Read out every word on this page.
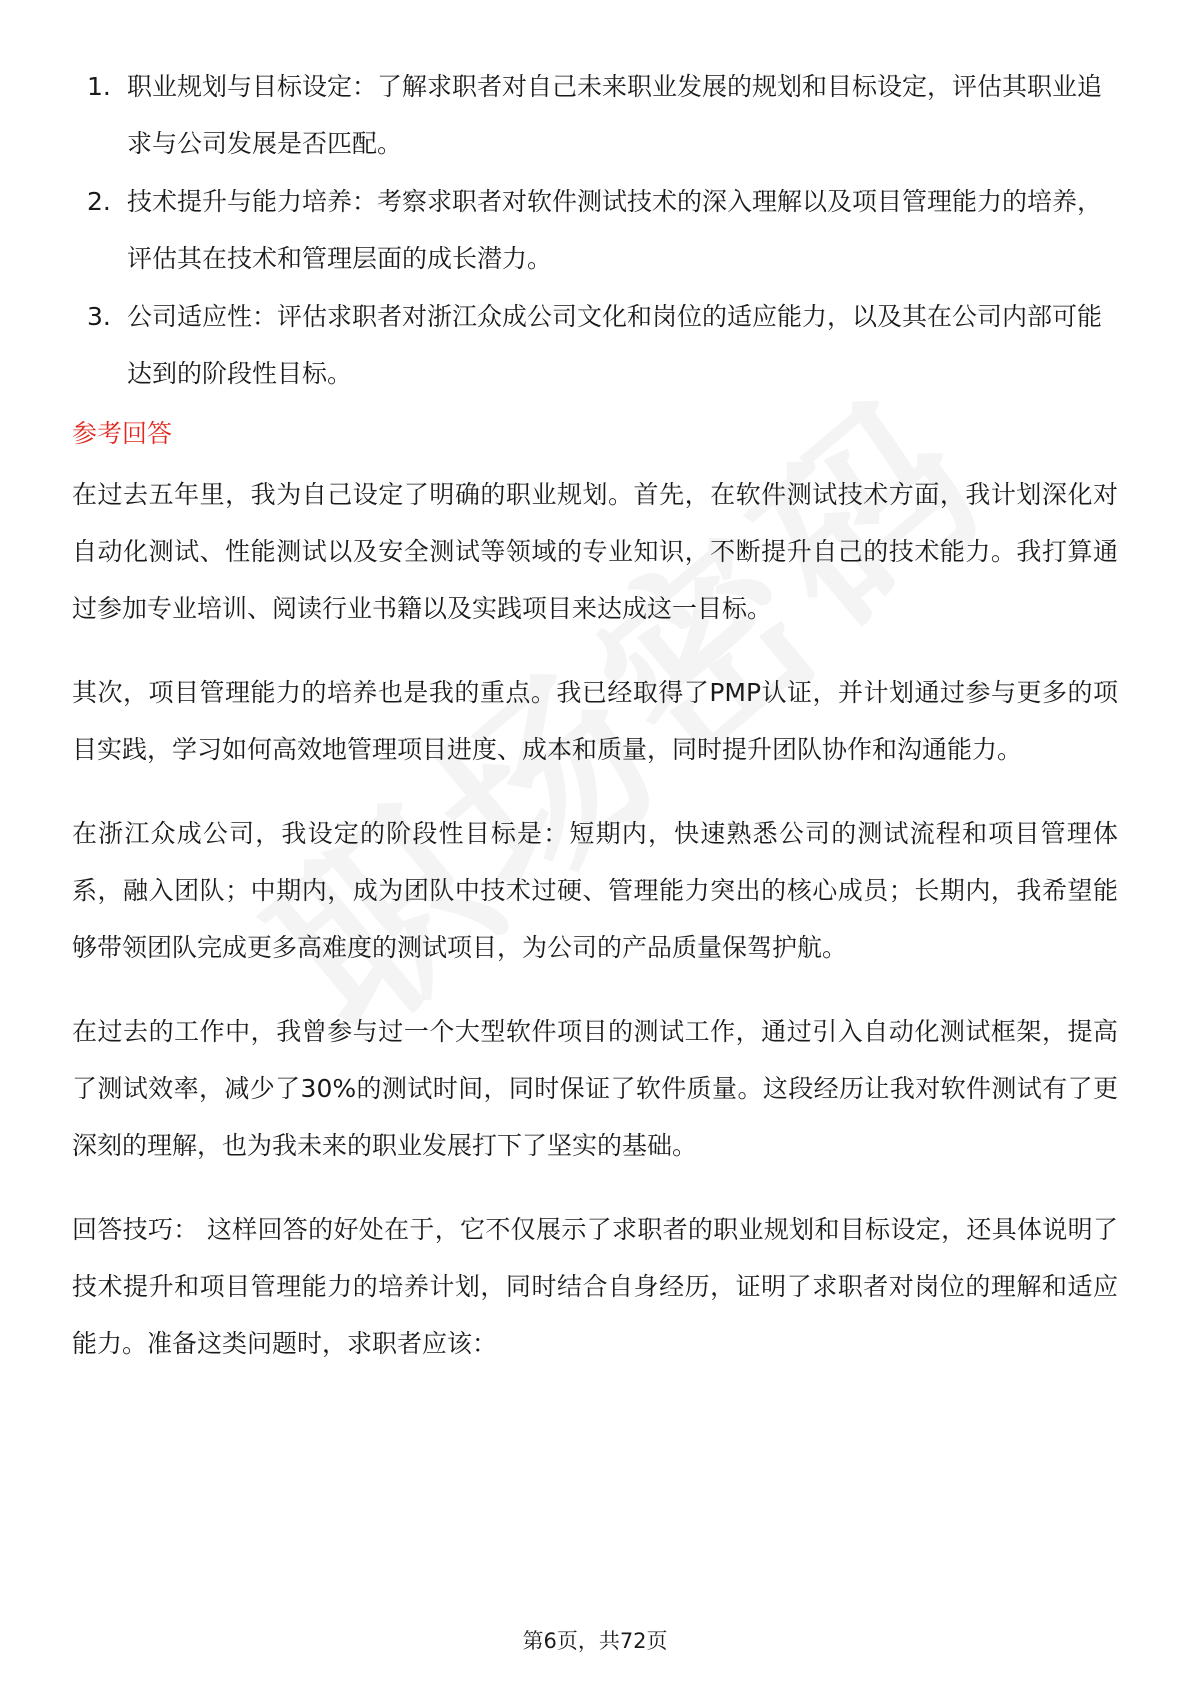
1. 职业规划与目标设定：了解求职者对自己未来职业发展的规划和目标设定，评估其职业追求与公司发展是否匹配。
2. 技术提升与能力培养：考察求职者对软件测试技术的深入理解以及项目管理能力的培养，评估其在技术和管理层面的成长潜力。
3. 公司适应性：评估求职者对浙江众成公司文化和岗位的适应能力，以及其在公司内部可能达到的阶段性目标。
参考回答

在过去五年里，我为自己设定了明确的职业规划。首先，在软件测试技术方面，我计划深化对自动化测试、性能测试以及安全测试等领域的专业知识，不断提升自己的技术能力。我打算通过参加专业培训、阅读行业书籍以及实践项目来达成这一目标。

其次，项目管理能力的培养也是我的重点。我已经取得了PMP认证，并计划通过参与更多的项目实践，学习如何高效地管理项目进度、成本和质量，同时提升团队协作和沟通能力。

在浙江众成公司，我设定的阶段性目标是：短期内，快速熟悉公司的测试流程和项目管理体系，融入团队；中期内，成为团队中技术过硬、管理能力突出的核心成员；长期内，我希望能够带领团队完成更多高难度的测试项目，为公司的产品质量保驾护航。

在过去的工作中，我曾参与过一个大型软件项目的测试工作，通过引入自动化测试框架，提高了测试效率，减少了30%的测试时间，同时保证了软件质量。这段经历让我对软件测试有了更深刻的理解，也为我未来的职业发展打下了坚实的基础。

回答技巧： 这样回答的好处在于，它不仅展示了求职者的职业规划和目标设定，还具体说明了技术提升和项目管理能力的培养计划，同时结合自身经历，证明了求职者对岗位的理解和适应能力。准备这类问题时，求职者应该：

第6页，共72页
